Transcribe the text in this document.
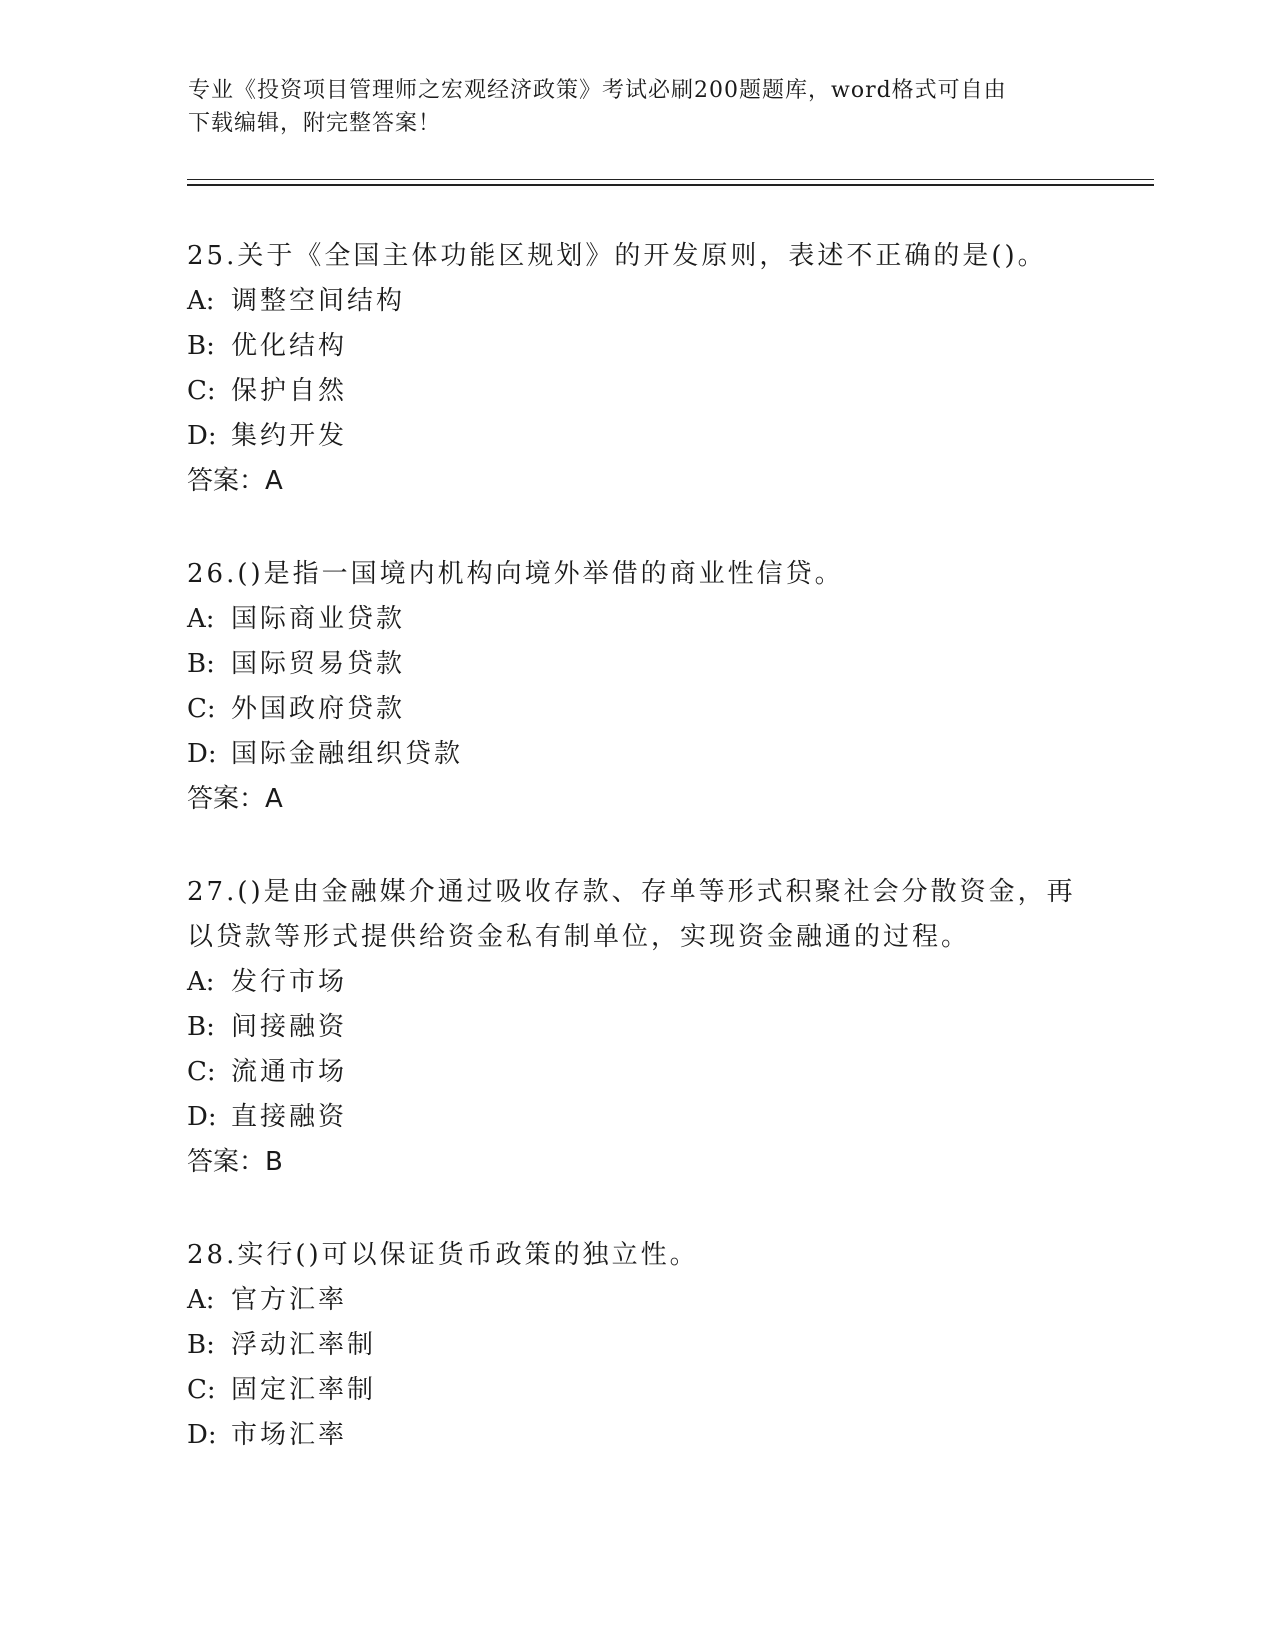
专业《投资项目管理师之宏观经济政策》考试必刷200题题库，word格式可自由
下载编辑，附完整答案！

25.关于《全国主体功能区规划》的开发原则，表述不正确的是()。

A: 调整空间结构

B: 优化结构

C: 保护自然

D: 集约开发

答案：A

26.()是指一国境内机构向境外举借的商业性信贷。

A: 国际商业贷款

B: 国际贸易贷款

C: 外国政府贷款

D: 国际金融组织贷款

答案：A

27.()是由金融媒介通过吸收存款、存单等形式积聚社会分散资金，再

以贷款等形式提供给资金私有制单位，实现资金融通的过程。

A: 发行市场

B: 间接融资

C: 流通市场

D: 直接融资

答案：B

28.实行()可以保证货币政策的独立性。

A: 官方汇率

B: 浮动汇率制

C: 固定汇率制

D: 市场汇率
